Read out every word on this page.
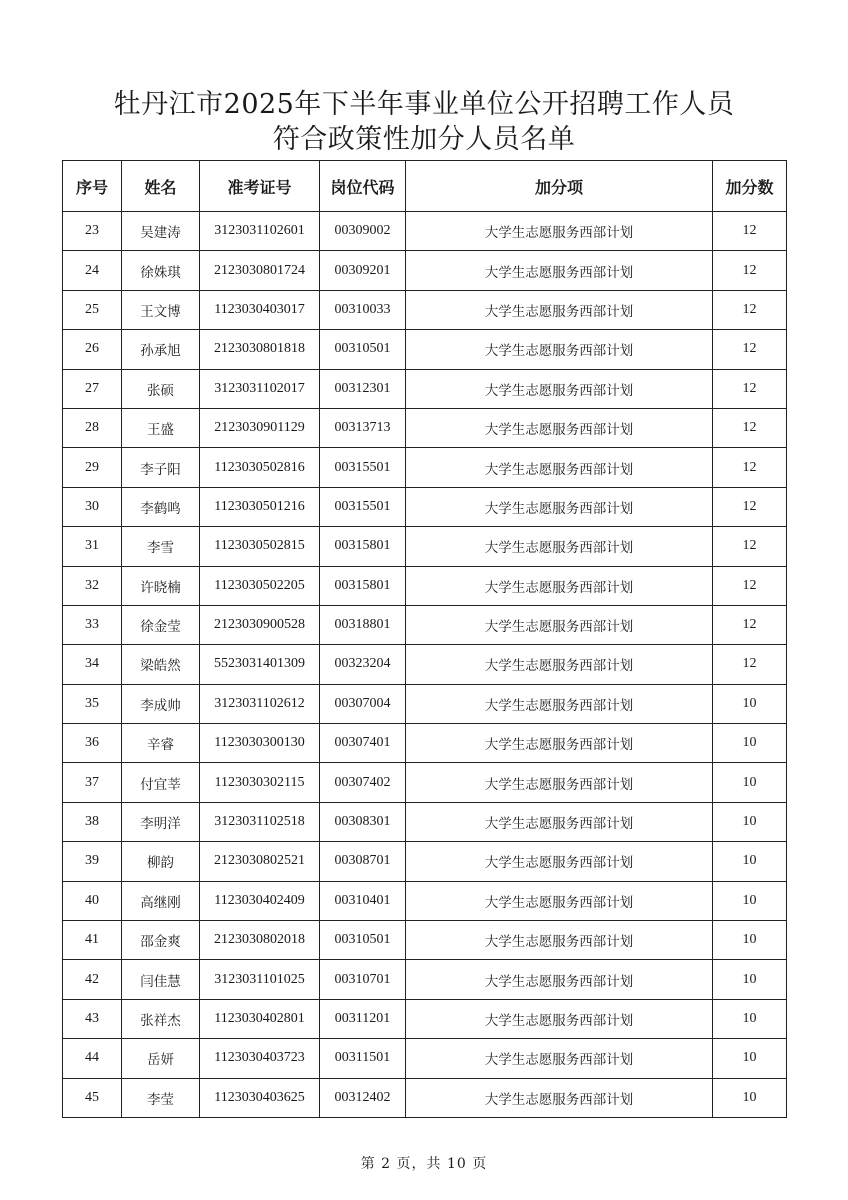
牡丹江市2025年下半年事业单位公开招聘工作人员
符合政策性加分人员名单
序号	姓名	准考证号	岗位代码	加分项	加分数
23	吴建涛	3123031102601	00309002	大学生志愿服务西部计划	12
24	徐姝琪	2123030801724	00309201	大学生志愿服务西部计划	12
25	王文博	1123030403017	00310033	大学生志愿服务西部计划	12
26	孙承旭	2123030801818	00310501	大学生志愿服务西部计划	12
27	张硕	3123031102017	00312301	大学生志愿服务西部计划	12
28	王盛	2123030901129	00313713	大学生志愿服务西部计划	12
29	李子阳	1123030502816	00315501	大学生志愿服务西部计划	12
30	李鹤鸣	1123030501216	00315501	大学生志愿服务西部计划	12
31	李雪	1123030502815	00315801	大学生志愿服务西部计划	12
32	许晓楠	1123030502205	00315801	大学生志愿服务西部计划	12
33	徐金莹	2123030900528	00318801	大学生志愿服务西部计划	12
34	梁皓然	5523031401309	00323204	大学生志愿服务西部计划	12
35	李成帅	3123031102612	00307004	大学生志愿服务西部计划	10
36	辛睿	1123030300130	00307401	大学生志愿服务西部计划	10
37	付宜莘	1123030302115	00307402	大学生志愿服务西部计划	10
38	李明洋	3123031102518	00308301	大学生志愿服务西部计划	10
39	柳韵	2123030802521	00308701	大学生志愿服务西部计划	10
40	高继刚	1123030402409	00310401	大学生志愿服务西部计划	10
41	邵金爽	2123030802018	00310501	大学生志愿服务西部计划	10
42	闫佳慧	3123031101025	00310701	大学生志愿服务西部计划	10
43	张祥杰	1123030402801	00311201	大学生志愿服务西部计划	10
44	岳妍	1123030403723	00311501	大学生志愿服务西部计划	10
45	李莹	1123030403625	00312402	大学生志愿服务西部计划	10
第 2 页，共 10 页
